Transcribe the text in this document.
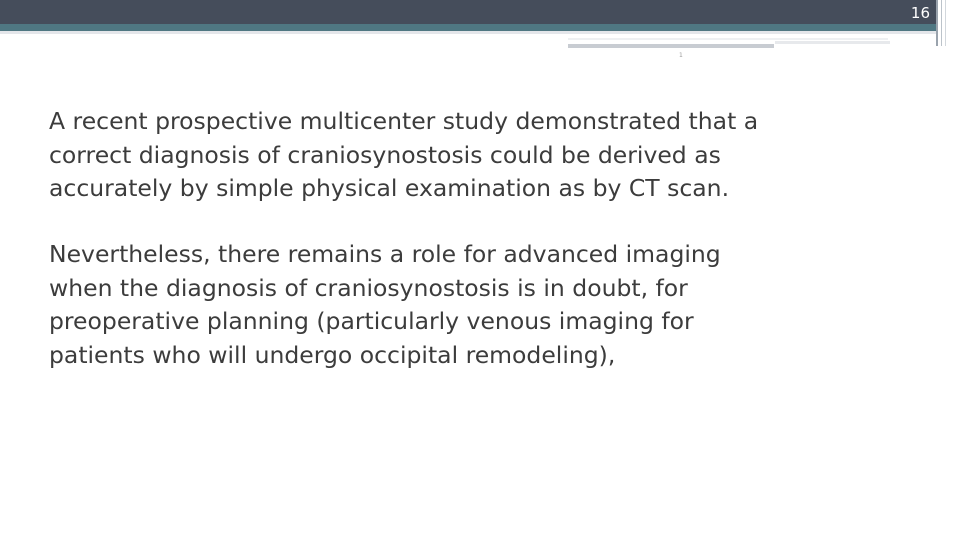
16
1
A recent prospective multicenter study demonstrated that a
correct diagnosis of craniosynostosis could be derived as
accurately by simple physical examination as by CT scan.
Nevertheless, there remains a role for advanced imaging
when the diagnosis of craniosynostosis is in doubt, for
preoperative planning (particularly venous imaging for
patients who will undergo occipital remodeling),
